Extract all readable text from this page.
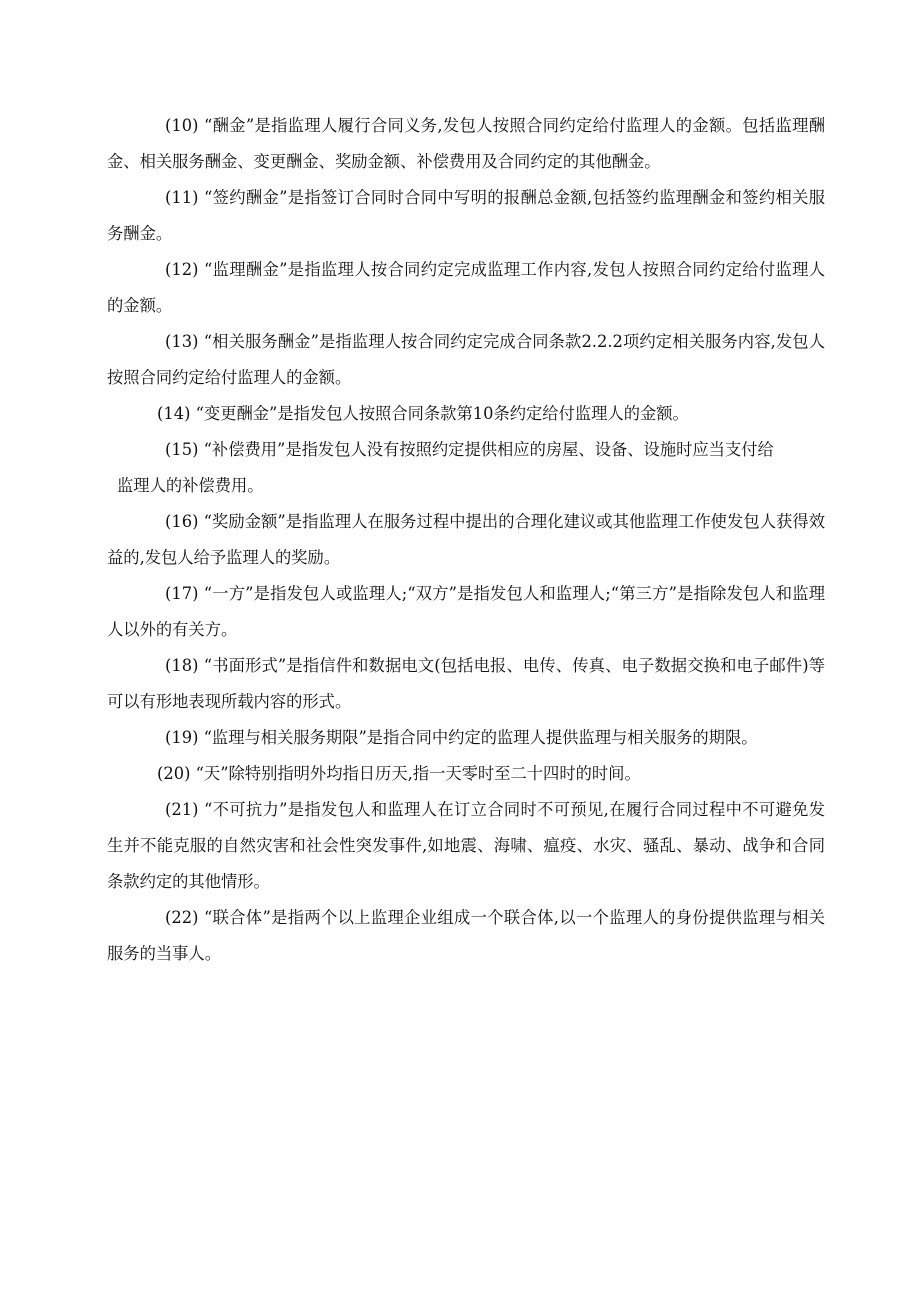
(10) “酬金”是指监理人履行合同义务,发包人按照合同约定给付监理人的金额。包括监理酬金、相关服务酬金、变更酬金、奖励金额、补偿费用及合同约定的其他酬金。

(11) “签约酬金”是指签订合同时合同中写明的报酬总金额,包括签约监理酬金和签约相关服务酬金。

(12) “监理酬金”是指监理人按合同约定完成监理工作内容,发包人按照合同约定给付监理人的金额。

(13) “相关服务酬金”是指监理人按合同约定完成合同条款2.2.2项约定相关服务内容,发包人按照合同约定给付监理人的金额。

(14) “变更酬金”是指发包人按照合同条款第10条约定给付监理人的金额。

(15) “补偿费用”是指发包人没有按照约定提供相应的房屋、设备、设施时应当支付给
监理人的补偿费用。

(16) “奖励金额”是指监理人在服务过程中提出的合理化建议或其他监理工作使发包人获得效益的,发包人给予监理人的奖励。

(17) “一方”是指发包人或监理人;“双方”是指发包人和监理人;“第三方”是指除发包人和监理人以外的有关方。

(18) “书面形式”是指信件和数据电文(包括电报、电传、传真、电子数据交换和电子邮件)等可以有形地表现所载内容的形式。

(19) “监理与相关服务期限”是指合同中约定的监理人提供监理与相关服务的期限。

(20) “天”除特别指明外均指日历天,指一天零时至二十四时的时间。

(21) “不可抗力”是指发包人和监理人在订立合同时不可预见,在履行合同过程中不可避免发生并不能克服的自然灾害和社会性突发事件,如地震、海啸、瘟疫、水灾、骚乱、暴动、战争和合同条款约定的其他情形。

(22) “联合体”是指两个以上监理企业组成一个联合体,以一个监理人的身份提供监理与相关服务的当事人。
